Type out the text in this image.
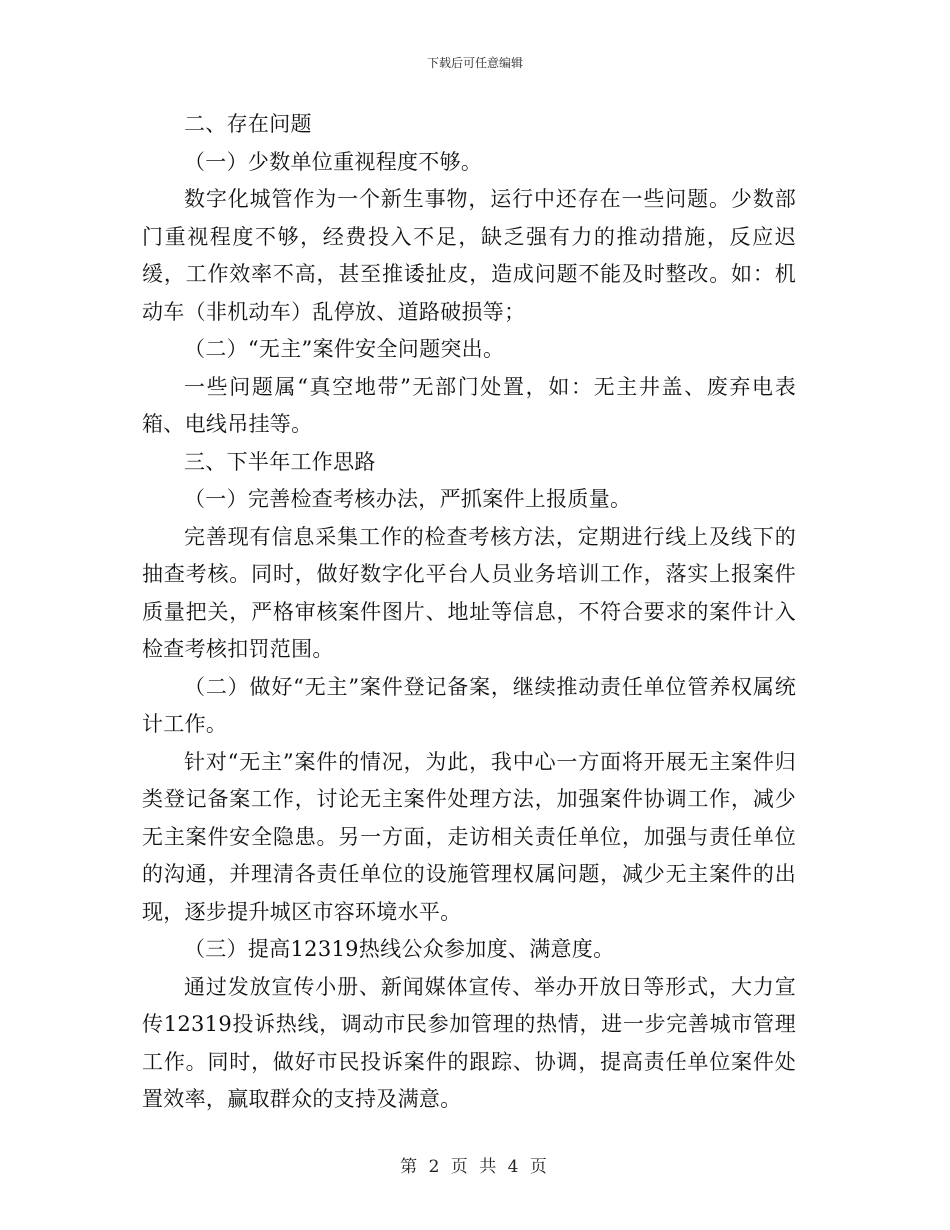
下载后可任意编辑

二、存在问题

（一）少数单位重视程度不够。

数字化城管作为一个新生事物，运行中还存在一些问题。少数部门重视程度不够，经费投入不足，缺乏强有力的推动措施，反应迟缓，工作效率不高，甚至推诿扯皮，造成问题不能及时整改。如：机动车（非机动车）乱停放、道路破损等；

（二）“无主”案件安全问题突出。

一些问题属“真空地带”无部门处置，如：无主井盖、废弃电表箱、电线吊挂等。

三、下半年工作思路

（一）完善检查考核办法，严抓案件上报质量。

完善现有信息采集工作的检查考核方法，定期进行线上及线下的抽查考核。同时，做好数字化平台人员业务培训工作，落实上报案件质量把关，严格审核案件图片、地址等信息，不符合要求的案件计入检查考核扣罚范围。

（二）做好“无主”案件登记备案，继续推动责任单位管养权属统计工作。

针对“无主”案件的情况，为此，我中心一方面将开展无主案件归类登记备案工作，讨论无主案件处理方法，加强案件协调工作，减少无主案件安全隐患。另一方面，走访相关责任单位，加强与责任单位的沟通，并理清各责任单位的设施管理权属问题，减少无主案件的出现，逐步提升城区市容环境水平。

（三）提高12319热线公众参加度、满意度。

通过发放宣传小册、新闻媒体宣传、举办开放日等形式，大力宣传12319投诉热线，调动市民参加管理的热情，进一步完善城市管理工作。同时，做好市民投诉案件的跟踪、协调，提高责任单位案件处置效率，赢取群众的支持及满意。

第 2 页 共 4 页
